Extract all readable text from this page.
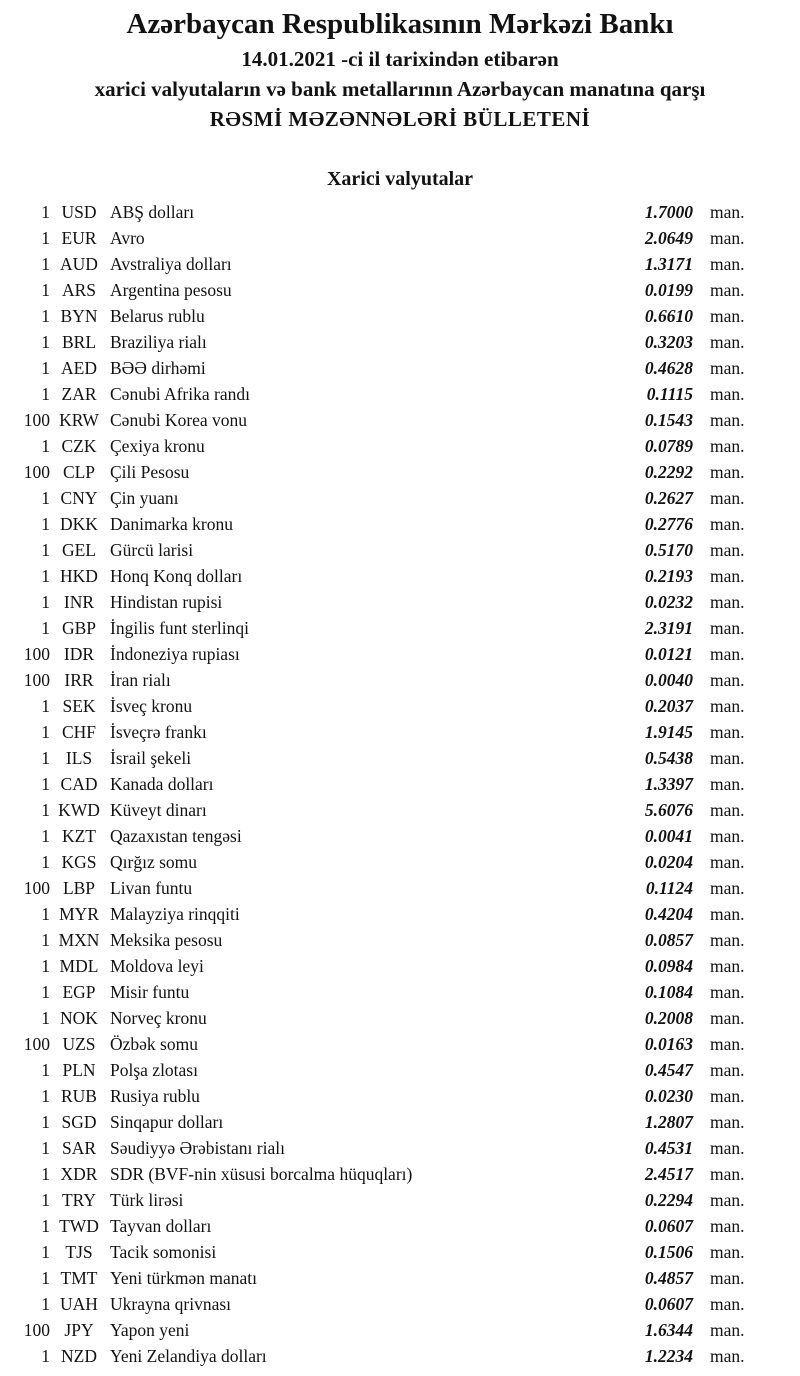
Azərbaycan Respublikasının Mərkəzi Bankı
14.01.2021 -ci il tarixindən etibarən
xarici valyutaların və bank metallarının Azərbaycan manatına qarşı
RƏSMİ MƏZƏNNƏLƏRİ BÜLLETENİ
Xarici valyutalar
1 USD ABŞ dolları	1.7000 man.
1 EUR Avro	2.0649 man.
1 AUD Avstraliya dolları	1.3171 man.
1 ARS Argentina pesosu	0.0199 man.
1 BYN Belarus rublu	0.6610 man.
1 BRL Braziliya rialı	0.3203 man.
1 AED BƏƏ dirhəmi	0.4628 man.
1 ZAR Cənubi Afrika randı	0.1115 man.
100 KRW Cənubi Korea vonu	0.1543 man.
1 CZK Çexiya kronu	0.0789 man.
100 CLP Çili Pesosu	0.2292 man.
1 CNY Çin yuanı	0.2627 man.
1 DKK Danimarka kronu	0.2776 man.
1 GEL Gürcü larisi	0.5170 man.
1 HKD Honq Konq dolları	0.2193 man.
1 INR Hindistan rupisi	0.0232 man.
1 GBP İngilis funt sterlinqi	2.3191 man.
100 IDR İndoneziya rupiası	0.0121 man.
100 IRR İran rialı	0.0040 man.
1 SEK İsveç kronu	0.2037 man.
1 CHF İsveçrə frankı	1.9145 man.
1 ILS	İsrail şekeli	0.5438 man.
1 CAD Kanada dolları	1.3397 man.
1 KWD Küveyt dinarı	5.6076 man.
1 KZT Qazaxıstan tengəsi	0.0041 man.
1 KGS Qırğız somu	0.0204 man.
100 LBP Livan funtu	0.1124 man.
1 MYR Malayziya rinqqiti	0.4204 man.
1 MXN Meksika pesosu	0.0857 man.
1 MDL Moldova leyi	0.0984 man.
1 EGP Misir funtu	0.1084 man.
1 NOK Norveç kronu	0.2008 man.
100 UZS Özbək somu	0.0163 man.
1 PLN Polşa zlotası	0.4547 man.
1 RUB Rusiya rublu	0.0230 man.
1 SGD Sinqapur dolları	1.2807 man.
1 SAR Səudiyyə Ərəbistanı rialı	0.4531 man.
1 XDR SDR (BVF-nin xüsusi borcalma hüquqları)	2.4517 man.
1 TRY Türk lirəsi	0.2294 man.
1 TWD Tayvan dolları	0.0607 man.
1 TJS Tacik somonisi	0.1506 man.
1 TMT Yeni türkmən manatı	0.4857 man.
1 UAH Ukrayna qrivnası	0.0607 man.
100 JPY Yapon yeni	1.6344 man.
1 NZD Yeni Zelandiya dolları	1.2234 man.
